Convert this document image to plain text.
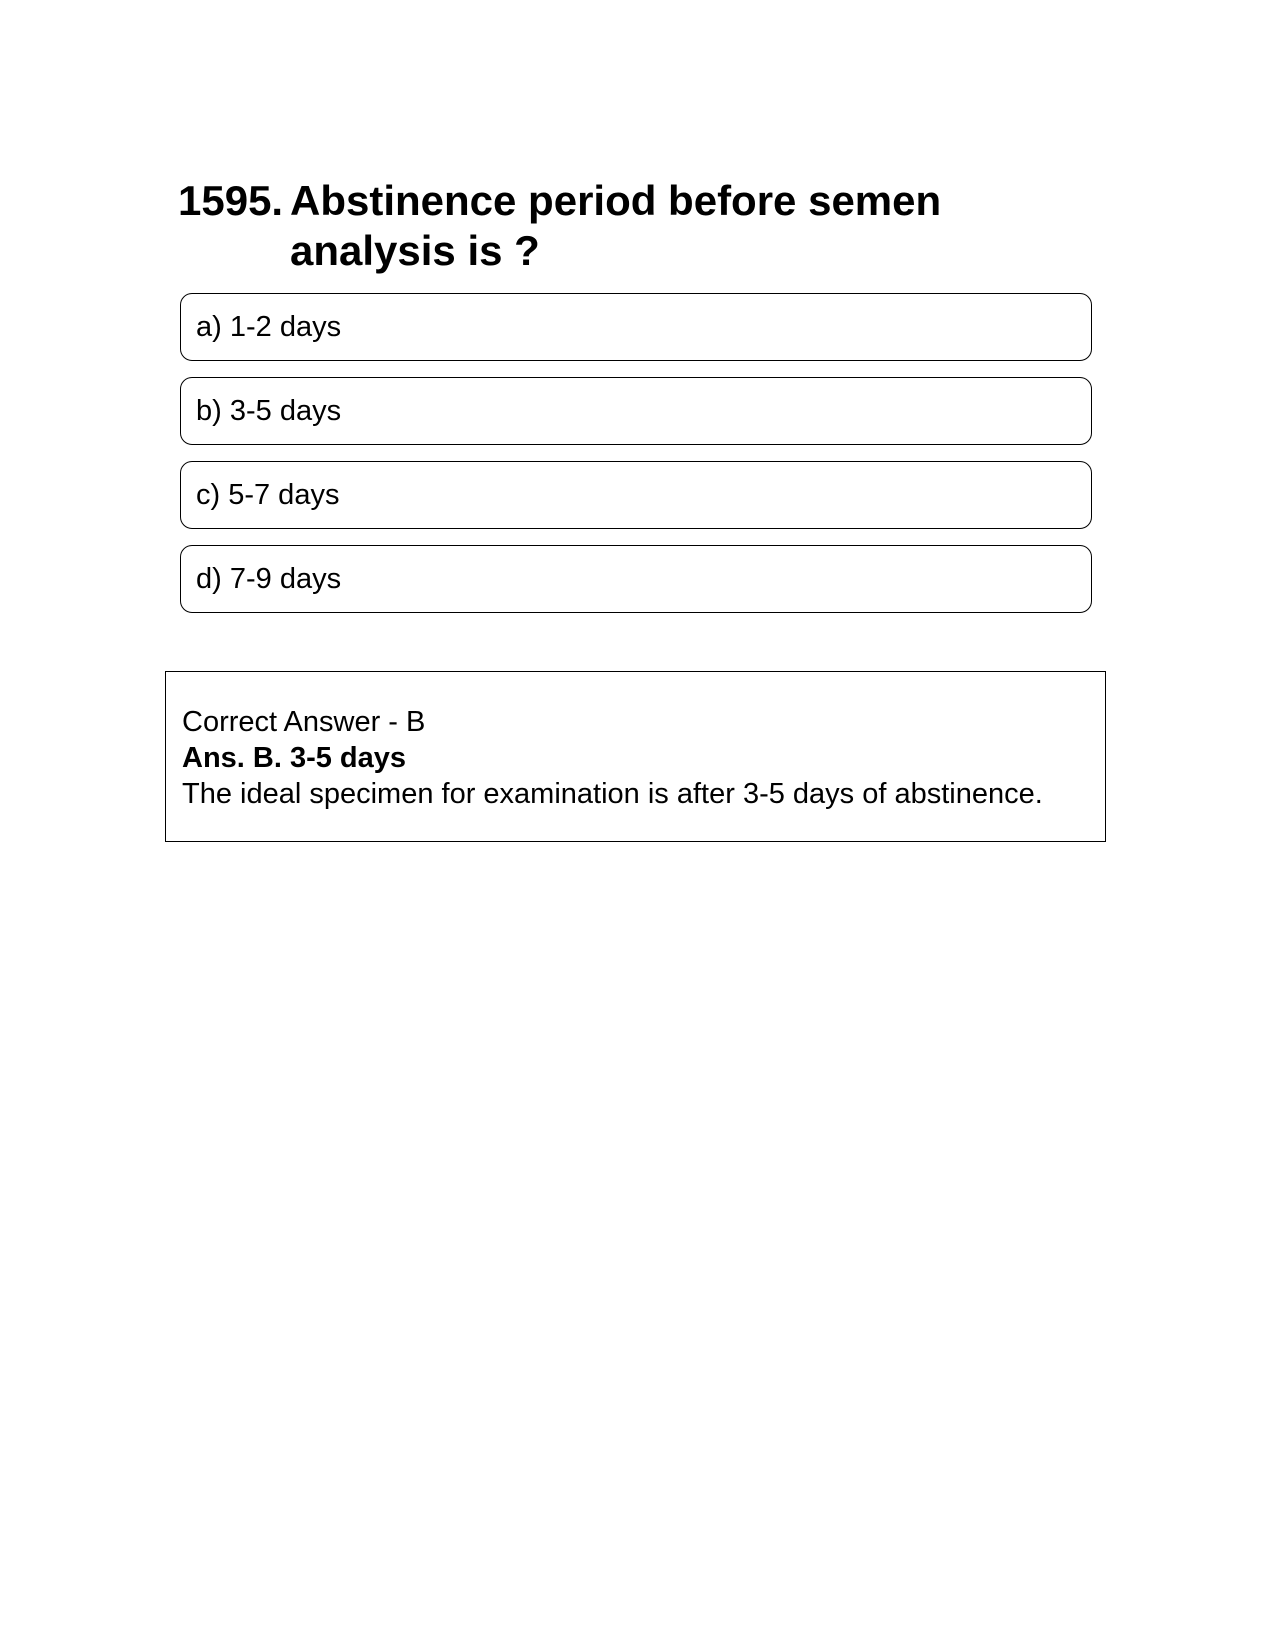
1595. Abstinence period before semen analysis is ?
a) 1-2 days
b) 3-5 days
c) 5-7 days
d) 7-9 days
Correct Answer - B
Ans. B. 3-5 days
The ideal specimen for examination is after 3-5 days of abstinence.
